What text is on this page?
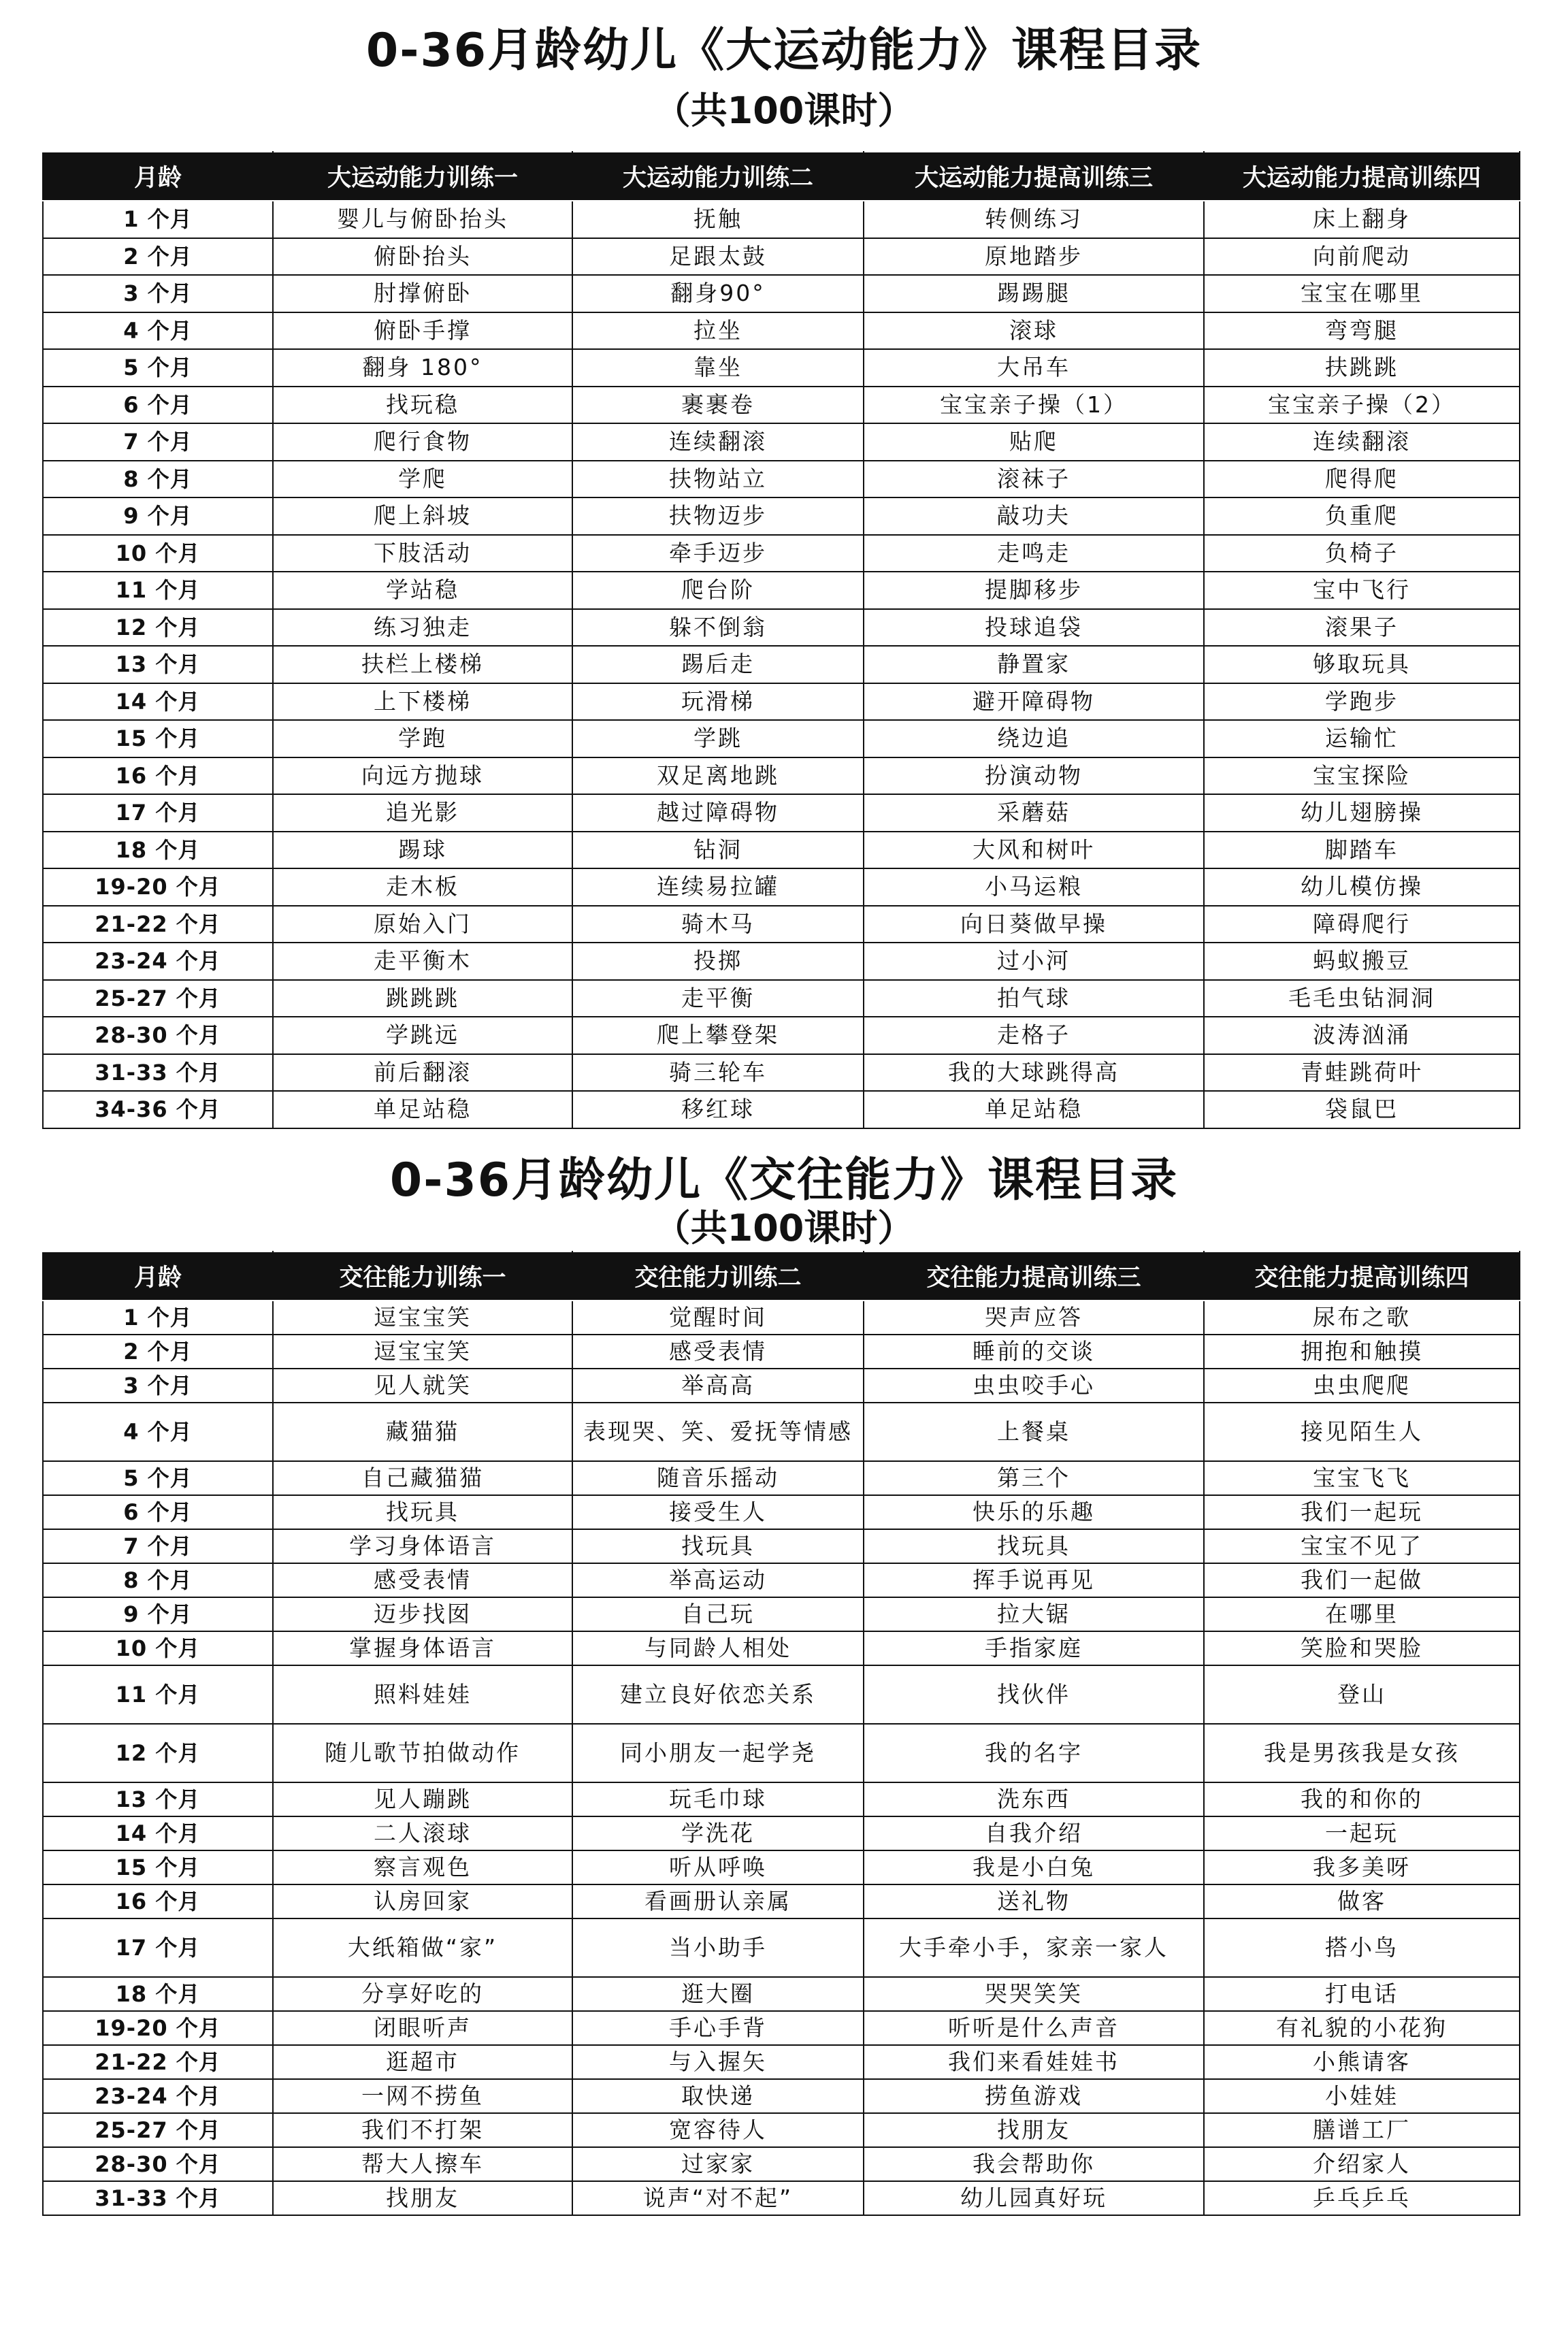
0-36月龄幼儿《大运动能力》课程目录
（共100课时）
月龄	大运动能力训练一	大运动能力训练二	大运动能力提高训练三	大运动能力提高训练四
1 个月	婴儿与俯卧抬头	抚触	转侧练习	床上翻身
2 个月	俯卧抬头	足跟太鼓	原地踏步	向前爬动
3 个月	肘撑俯卧	翻身90°	踢踢腿	宝宝在哪里
4 个月	俯卧手撑	拉坐	滚球	弯弯腿
5 个月	翻身 180°	靠坐	大吊车	扶跳跳
6 个月	找玩稳	裹裹卷	宝宝亲子操（1）	宝宝亲子操（2）
7 个月	爬行食物	连续翻滚	贴爬	连续翻滚
8 个月	学爬	扶物站立	滚袜子	爬得爬
9 个月	爬上斜坡	扶物迈步	敲功夫	负重爬
10 个月	下肢活动	牵手迈步	走鸣走	负椅子
11 个月	学站稳	爬台阶	提脚移步	宝中飞行
12 个月	练习独走	躲不倒翁	投球追袋	滚果子
13 个月	扶栏上楼梯	踢后走	静置家	够取玩具
14 个月	上下楼梯	玩滑梯	避开障碍物	学跑步
15 个月	学跑	学跳	绕边追	运输忙
16 个月	向远方抛球	双足离地跳	扮演动物	宝宝探险
17 个月	追光影	越过障碍物	采蘑菇	幼儿翅膀操
18 个月	踢球	钻洞	大风和树叶	脚踏车
19-20 个月	走木板	连续易拉罐	小马运粮	幼儿模仿操
21-22 个月	原始入门	骑木马	向日葵做早操	障碍爬行
23-24 个月	走平衡木	投掷	过小河	蚂蚁搬豆
25-27 个月	跳跳跳	走平衡	拍气球	毛毛虫钻洞洞
28-30 个月	学跳远	爬上攀登架	走格子	波涛汹涌
31-33 个月	前后翻滚	骑三轮车	我的大球跳得高	青蛙跳荷叶
34-36 个月	单足站稳	移红球	单足站稳	袋鼠巴
0-36月龄幼儿《交往能力》课程目录
（共100课时）
月龄	交往能力训练一	交往能力训练二	交往能力提高训练三	交往能力提高训练四
1 个月	逗宝宝笑	觉醒时间	哭声应答	尿布之歌
2 个月	逗宝宝笑	感受表情	睡前的交谈	拥抱和触摸
3 个月	见人就笑	举高高	虫虫咬手心	虫虫爬爬
4 个月	藏猫猫	表现哭、笑、爱抚等情感	上餐桌	接见陌生人
5 个月	自己藏猫猫	随音乐摇动	第三个	宝宝飞飞
6 个月	找玩具	接受生人	快乐的乐趣	我们一起玩
7 个月	学习身体语言	找玩具	找玩具	宝宝不见了
8 个月	感受表情	举高运动	挥手说再见	我们一起做
9 个月	迈步找囡	自己玩	拉大锯	在哪里
10 个月	掌握身体语言	与同龄人相处	手指家庭	笑脸和哭脸
11 个月	照料娃娃	建立良好依恋关系	找伙伴	登山
12 个月	随儿歌节拍做动作	同小朋友一起学尧	我的名字	我是男孩我是女孩
13 个月	见人蹦跳	玩毛巾球	洗东西	我的和你的
14 个月	二人滚球	学洗花	自我介绍	一起玩
15 个月	察言观色	听从呼唤	我是小白兔	我多美呀
16 个月	认房回家	看画册认亲属	送礼物	做客
17 个月	大纸箱做“家”	当小助手	大手牵小手，家亲一家人	搭小鸟
18 个月	分享好吃的	逛大圈	哭哭笑笑	打电话
19-20 个月	闭眼听声	手心手背	听听是什么声音	有礼貌的小花狗
21-22 个月	逛超市	与入握矢	我们来看娃娃书	小熊请客
23-24 个月	一网不捞鱼	取快递	捞鱼游戏	小娃娃
25-27 个月	我们不打架	宽容待人	找朋友	膳谱工厂
28-30 个月	帮大人擦车	过家家	我会帮助你	介绍家人
31-33 个月	找朋友	说声“对不起”	幼儿园真好玩	乒乓乒乓
